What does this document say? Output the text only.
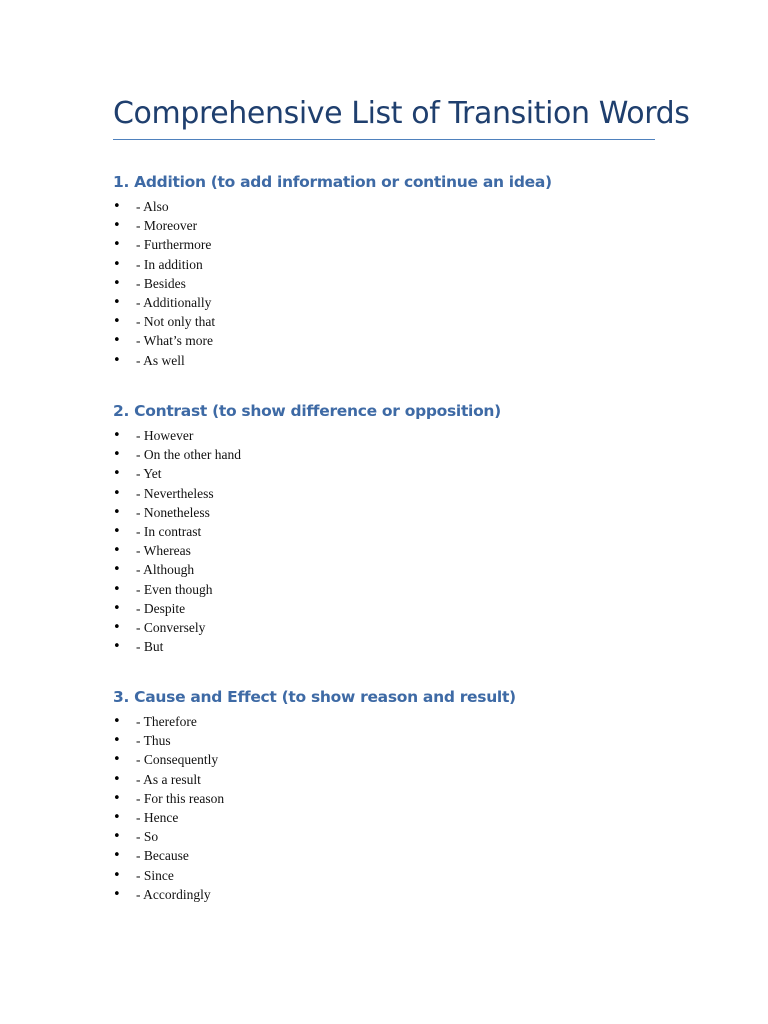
Comprehensive List of Transition Words
1. Addition (to add information or continue an idea)
• - Also
• - Moreover
• - Furthermore
• - In addition
• - Besides
• - Additionally
• - Not only that
• - What’s more
• - As well
2. Contrast (to show difference or opposition)
• - However
• - On the other hand
• - Yet
• - Nevertheless
• - Nonetheless
• - In contrast
• - Whereas
• - Although
• - Even though
• - Despite
• - Conversely
• - But
3. Cause and Effect (to show reason and result)
• - Therefore
• - Thus
• - Consequently
• - As a result
• - For this reason
• - Hence
• - So
• - Because
• - Since
• - Accordingly
